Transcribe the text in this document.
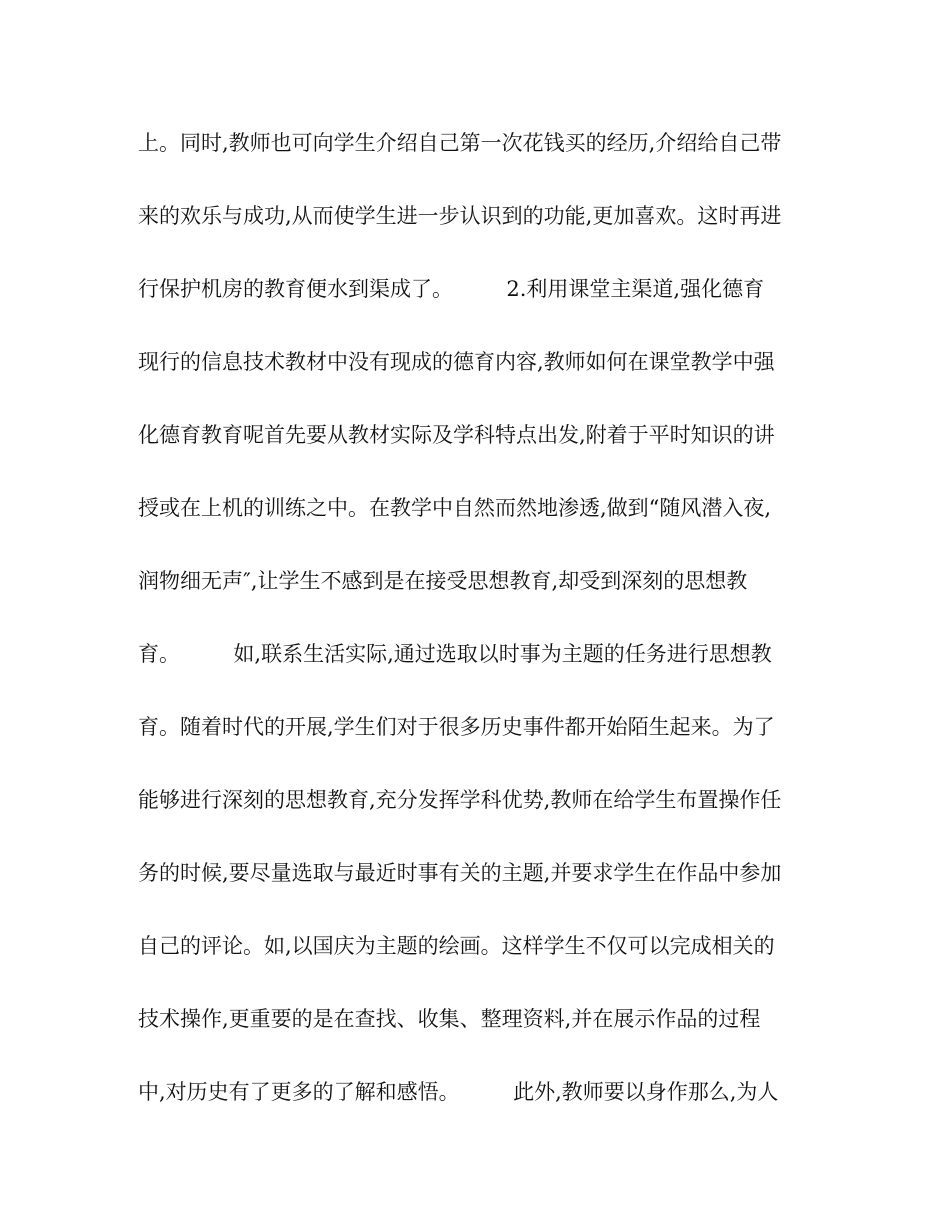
上。同时,教师也可向学生介绍自己第一次花钱买的经历,介绍给自己带
来的欢乐与成功,从而使学生进一步认识到的功能,更加喜欢。这时再进
行保护机房的教育便水到渠成了。        2.利用课堂主渠道,强化德育
现行的信息技术教材中没有现成的德育内容,教师如何在课堂教学中强
化德育教育呢首先要从教材实际及学科特点出发,附着于平时知识的讲
授或在上机的训练之中。在教学中自然而然地渗透,做到“随风潜入夜,
润物细无声″,让学生不感到是在接受思想教育,却受到深刻的思想教
育。        如,联系生活实际,通过选取以时事为主题的任务进行思想教
育。随着时代的开展,学生们对于很多历史事件都开始陌生起来。为了
能够进行深刻的思想教育,充分发挥学科优势,教师在给学生布置操作任
务的时候,要尽量选取与最近时事有关的主题,并要求学生在作品中参加
自己的评论。如,以国庆为主题的绘画。这样学生不仅可以完成相关的
技术操作,更重要的是在查找、收集、整理资料,并在展示作品的过程
中,对历史有了更多的了解和感悟。        此外,教师要以身作那么,为人
